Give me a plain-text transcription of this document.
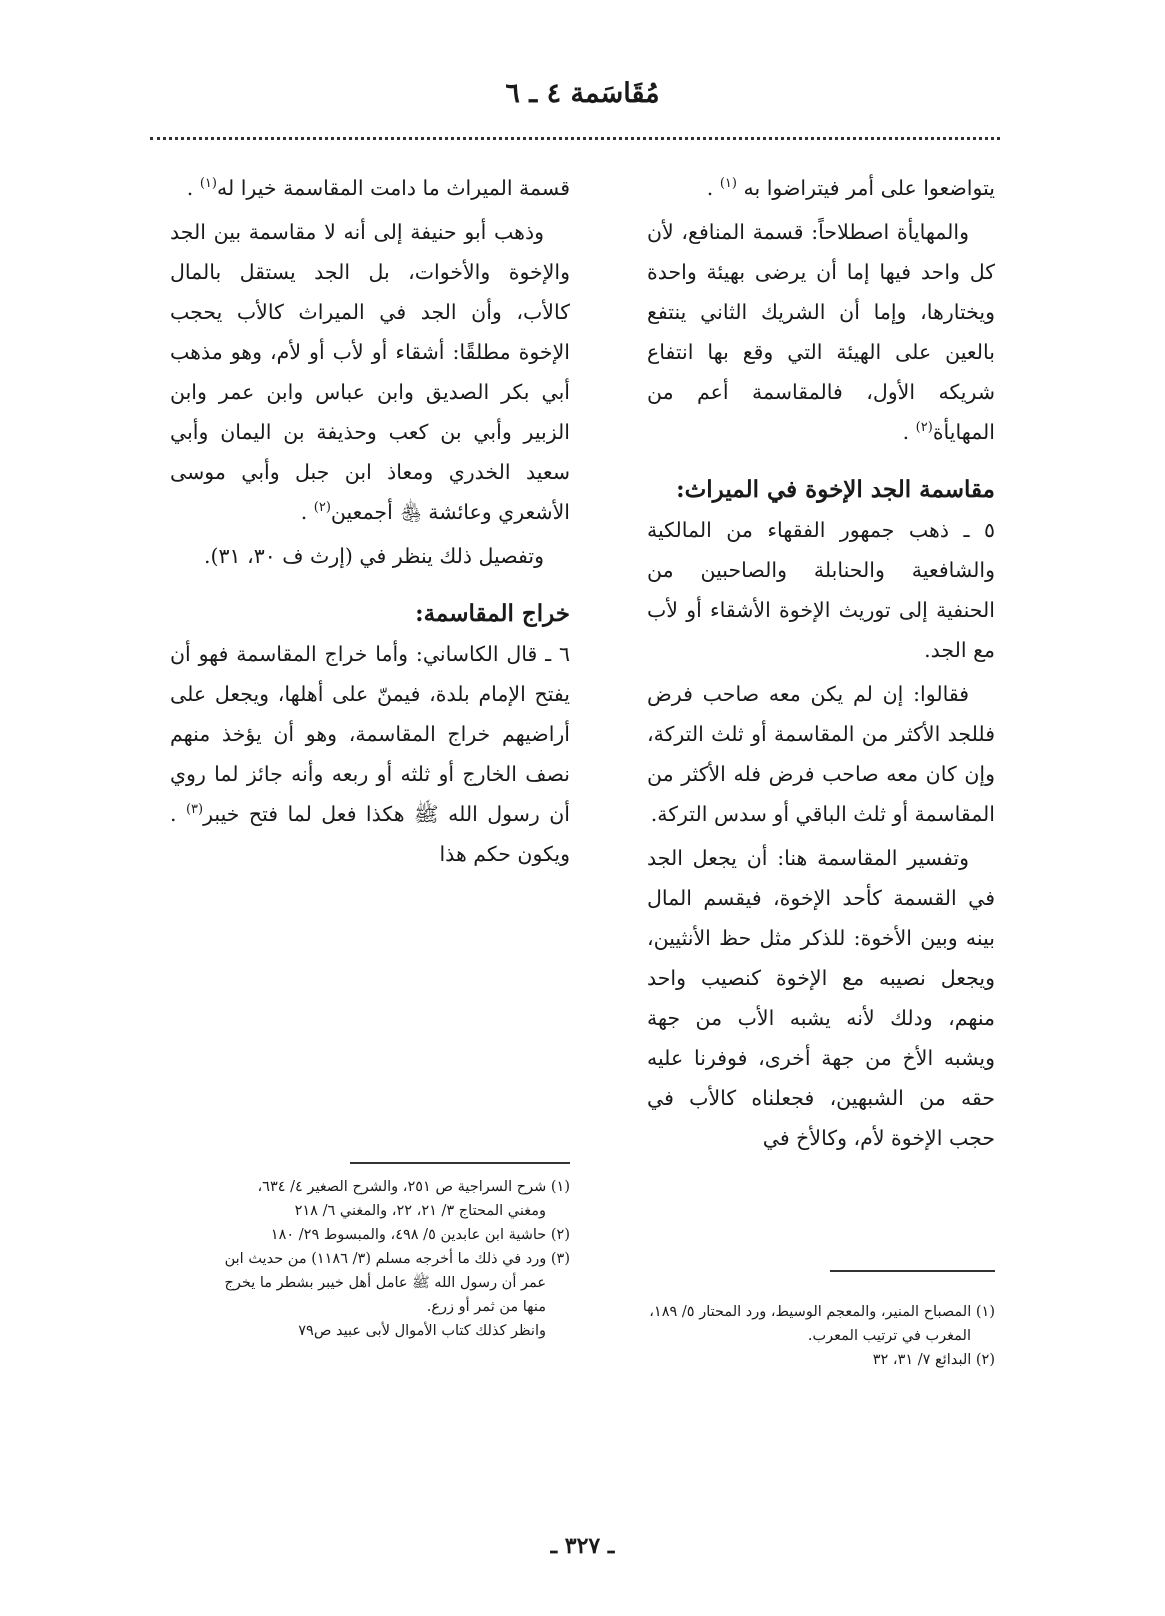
مُقَاسَمة ٤ ـ ٦

يتواضعوا على أمر فيتراضوا به $^{(١)}$ .

والمهايأة اصطلاحاً: قسمة المنافع، لأن كل واحد فيها إما أن يرضى بهيئة واحدة ويختارها، وإما أن الشريك الثاني ينتفع بالعين على الهيئة التي وقع بها انتفاع شريكه الأول، فالمقاسمة أعم من المهايأة$^{(٢)}$ .

مقاسمة الجد الإخوة في الميراث:

٥ ـ ذهب جمهور الفقهاء من المالكية والشافعية والحنابلة والصاحبين من الحنفية إلى توريث الإخوة الأشقاء أو لأب مع الجد.

فقالوا: إن لم يكن معه صاحب فرض فللجد الأكثر من المقاسمة أو ثلث التركة، وإن كان معه صاحب فرض فله الأكثر من المقاسمة أو ثلث الباقي أو سدس التركة.

وتفسير المقاسمة هنا: أن يجعل الجد في القسمة كأحد الإخوة، فيقسم المال بينه وبين الأخوة: للذكر مثل حظ الأنثيين، ويجعل نصيبه مع الإخوة كنصيب واحد منهم، ودلك لأنه يشبه الأب من جهة ويشبه الأخ من جهة أخرى، فوفرنا عليه حقه من الشبهين، فجعلناه كالأب في حجب الإخوة لأم، وكالأخ في

قسمة الميراث ما دامت المقاسمة خيرا له$^{(١)}$ .

وذهب أبو حنيفة إلى أنه لا مقاسمة بين الجد والإخوة والأخوات، بل الجد يستقل بالمال كالأب، وأن الجد في الميراث كالأب يحجب الإخوة مطلقًا: أشقاء أو لأب أو لأم، وهو مذهب أبي بكر الصديق وابن عباس وابن عمر وابن الزبير وأبي بن كعب وحذيفة بن اليمان وأبي سعيد الخدري ومعاذ ابن جبل وأبي موسى الأشعري وعائشة ﵃ أجمعين$^{(٢)}$ .

وتفصيل ذلك ينظر في (إرث ف ٣٠، ٣١).

خراج المقاسمة:

٦ ـ قال الكاساني: وأما خراج المقاسمة فهو أن يفتح الإمام بلدة، فيمنّ على أهلها، ويجعل على أراضيهم خراج المقاسمة، وهو أن يؤخذ منهم نصف الخارج أو ثلثه أو ربعه وأنه جائز لما روي أن رسول الله ﷺ هكذا فعل لما فتح خيبر$^{(٣)}$ . ويكون حكم هذا

(١) المصباح المنير، والمعجم الوسيط، ورد المحتار ٥/ ١٨٩،

المغرب في ترتيب المعرب.

(٢) البدائع ٧/ ٣١، ٣٢

(١) شرح السراجية ص ٢٥١، والشرح الصغير ٤/ ٦٣٤،

ومغني المحتاج ٣/ ٢١، ٢٢، والمغني ٦/ ٢١٨

(٢) حاشية ابن عابدين ٥/ ٤٩٨، والمبسوط ٢٩/ ١٨٠

(٣) ورد في ذلك ما أخرجه مسلم (٣/ ١١٨٦) من حديث ابن

عمر أن رسول الله ﷺ عامل أهل خيبر بشطر ما يخرج

منها من ثمر أو زرع.

وانظر كذلك كتاب الأموال لأبى عبيد ص٧٩

ـ ٣٢٧ ـ
